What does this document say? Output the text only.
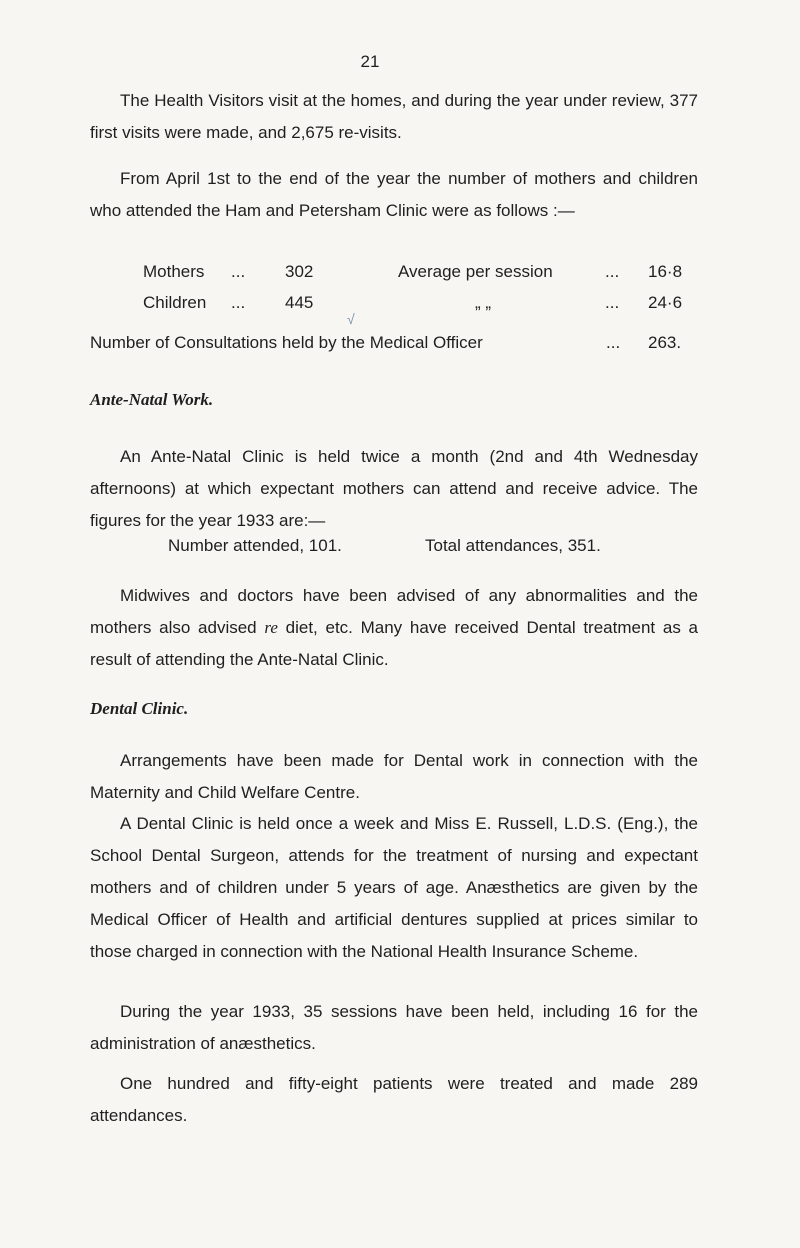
21

The Health Visitors visit at the homes, and during the year under review, 377 first visits were made, and 2,675 re-visits.

From April 1st to the end of the year the number of mothers and children who attended the Ham and Petersham Clinic were as follows :—

Mothers ... 302	Average per session	... 16·8
Children ... 445	„ „	... 24·6
√
Number of Consultations held by the Medical Officer	... 263.
Ante-Natal Work.

An Ante-Natal Clinic is held twice a month (2nd and 4th Wednesday afternoons) at which expectant mothers can attend and receive advice. The figures for the year 1933 are:—

Number attended, 101.	Total attendances, 351.

Midwives and doctors have been advised of any abnormalities and the mothers also advised re diet, etc. Many have received Dental treatment as a result of attending the Ante-Natal Clinic.

Dental Clinic.

Arrangements have been made for Dental work in connection with the Maternity and Child Welfare Centre.

A Dental Clinic is held once a week and Miss E. Russell, L.D.S. (Eng.), the School Dental Surgeon, attends for the treatment of nursing and expectant mothers and of children under 5 years of age. Anæsthetics are given by the Medical Officer of Health and artificial dentures supplied at prices similar to those charged in connection with the National Health Insurance Scheme.

During the year 1933, 35 sessions have been held, including 16 for the administration of anæsthetics.

One hundred and fifty-eight patients were treated and made 289 attendances.
